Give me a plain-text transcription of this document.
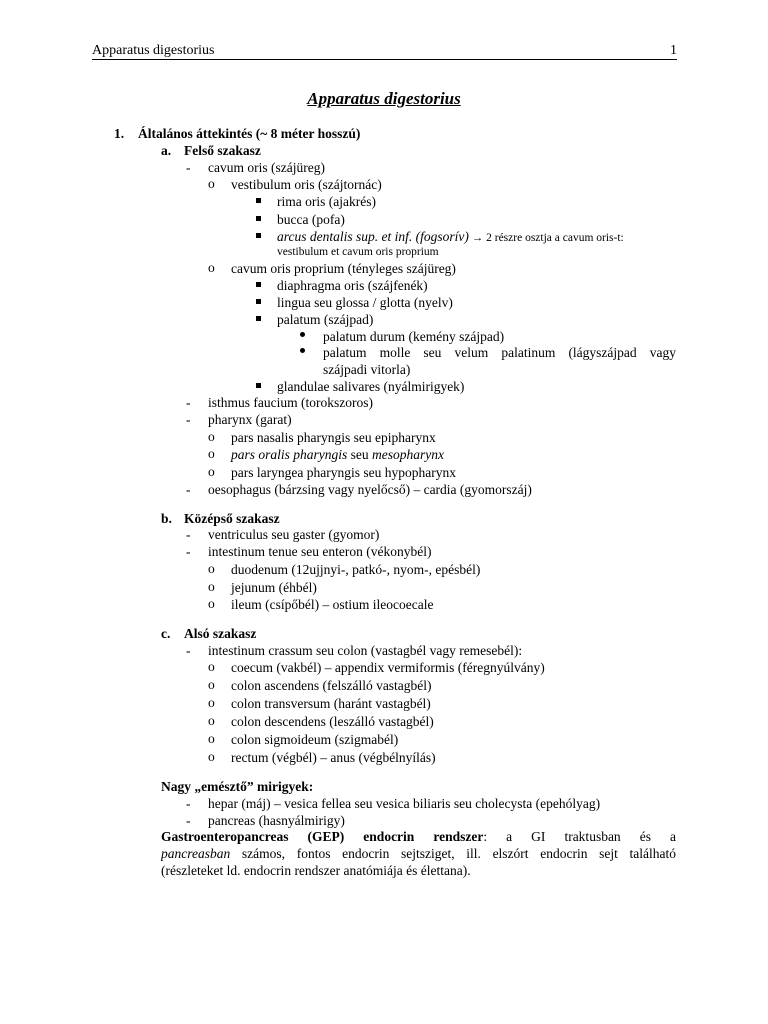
Apparatus digestorius	1
Apparatus digestorius
1. Általános áttekintés (~ 8 méter hosszú)
a. Felső szakasz
- cavum oris (szájüreg)
o vestibulum oris (szájtornác)
rima oris (ajakrés)
bucca (pofa)
arcus dentalis sup. et inf. (fogsorív) → 2 részre osztja a cavum oris-t:
vestibulum et cavum oris proprium
o cavum oris proprium (tényleges szájüreg)
diaphragma oris (szájfenék)
lingua seu glossa / glotta (nyelv)
palatum (szájpad)
palatum durum (kemény szájpad)
palatum molle seu velum palatinum (lágyszájpad vagy
szájpadi vitorla)
glandulae salivares (nyálmirigyek)
- isthmus faucium (torokszoros)
- pharynx (garat)
o pars nasalis pharyngis seu epipharynx
o pars oralis pharyngis seu mesopharynx
o pars laryngea pharyngis seu hypopharynx
- oesophagus (bárzsing vagy nyelőcső) – cardia (gyomorszáj)
b. Középső szakasz
- ventriculus seu gaster (gyomor)
- intestinum tenue seu enteron (vékonybél)
o duodenum (12ujjnyi-, patkó-, nyom-, epésbél)
o jejunum (éhbél)
o ileum (csípőbél) – ostium ileocoecale
c. Alsó szakasz
- intestinum crassum seu colon (vastagbél vagy remesebél):
o coecum (vakbél) – appendix vermiformis (féregnyúlvány)
o colon ascendens (felszálló vastagbél)
o colon transversum (haránt vastagbél)
o colon descendens (leszálló vastagbél)
o colon sigmoideum (szigmabél)
o rectum (végbél) – anus (végbélnyílás)
Nagy „emésztő” mirigyek:
- hepar (máj) – vesica fellea seu vesica biliaris seu cholecysta (epehólyag)
- pancreas (hasnyálmirigy)
Gastroenteropancreas (GEP) endocrin rendszer: a GI traktusban és a
pancreasban számos, fontos endocrin sejtsziget, ill. elszórt endocrin sejt található
(részleteket ld. endocrin rendszer anatómiája és élettana).
